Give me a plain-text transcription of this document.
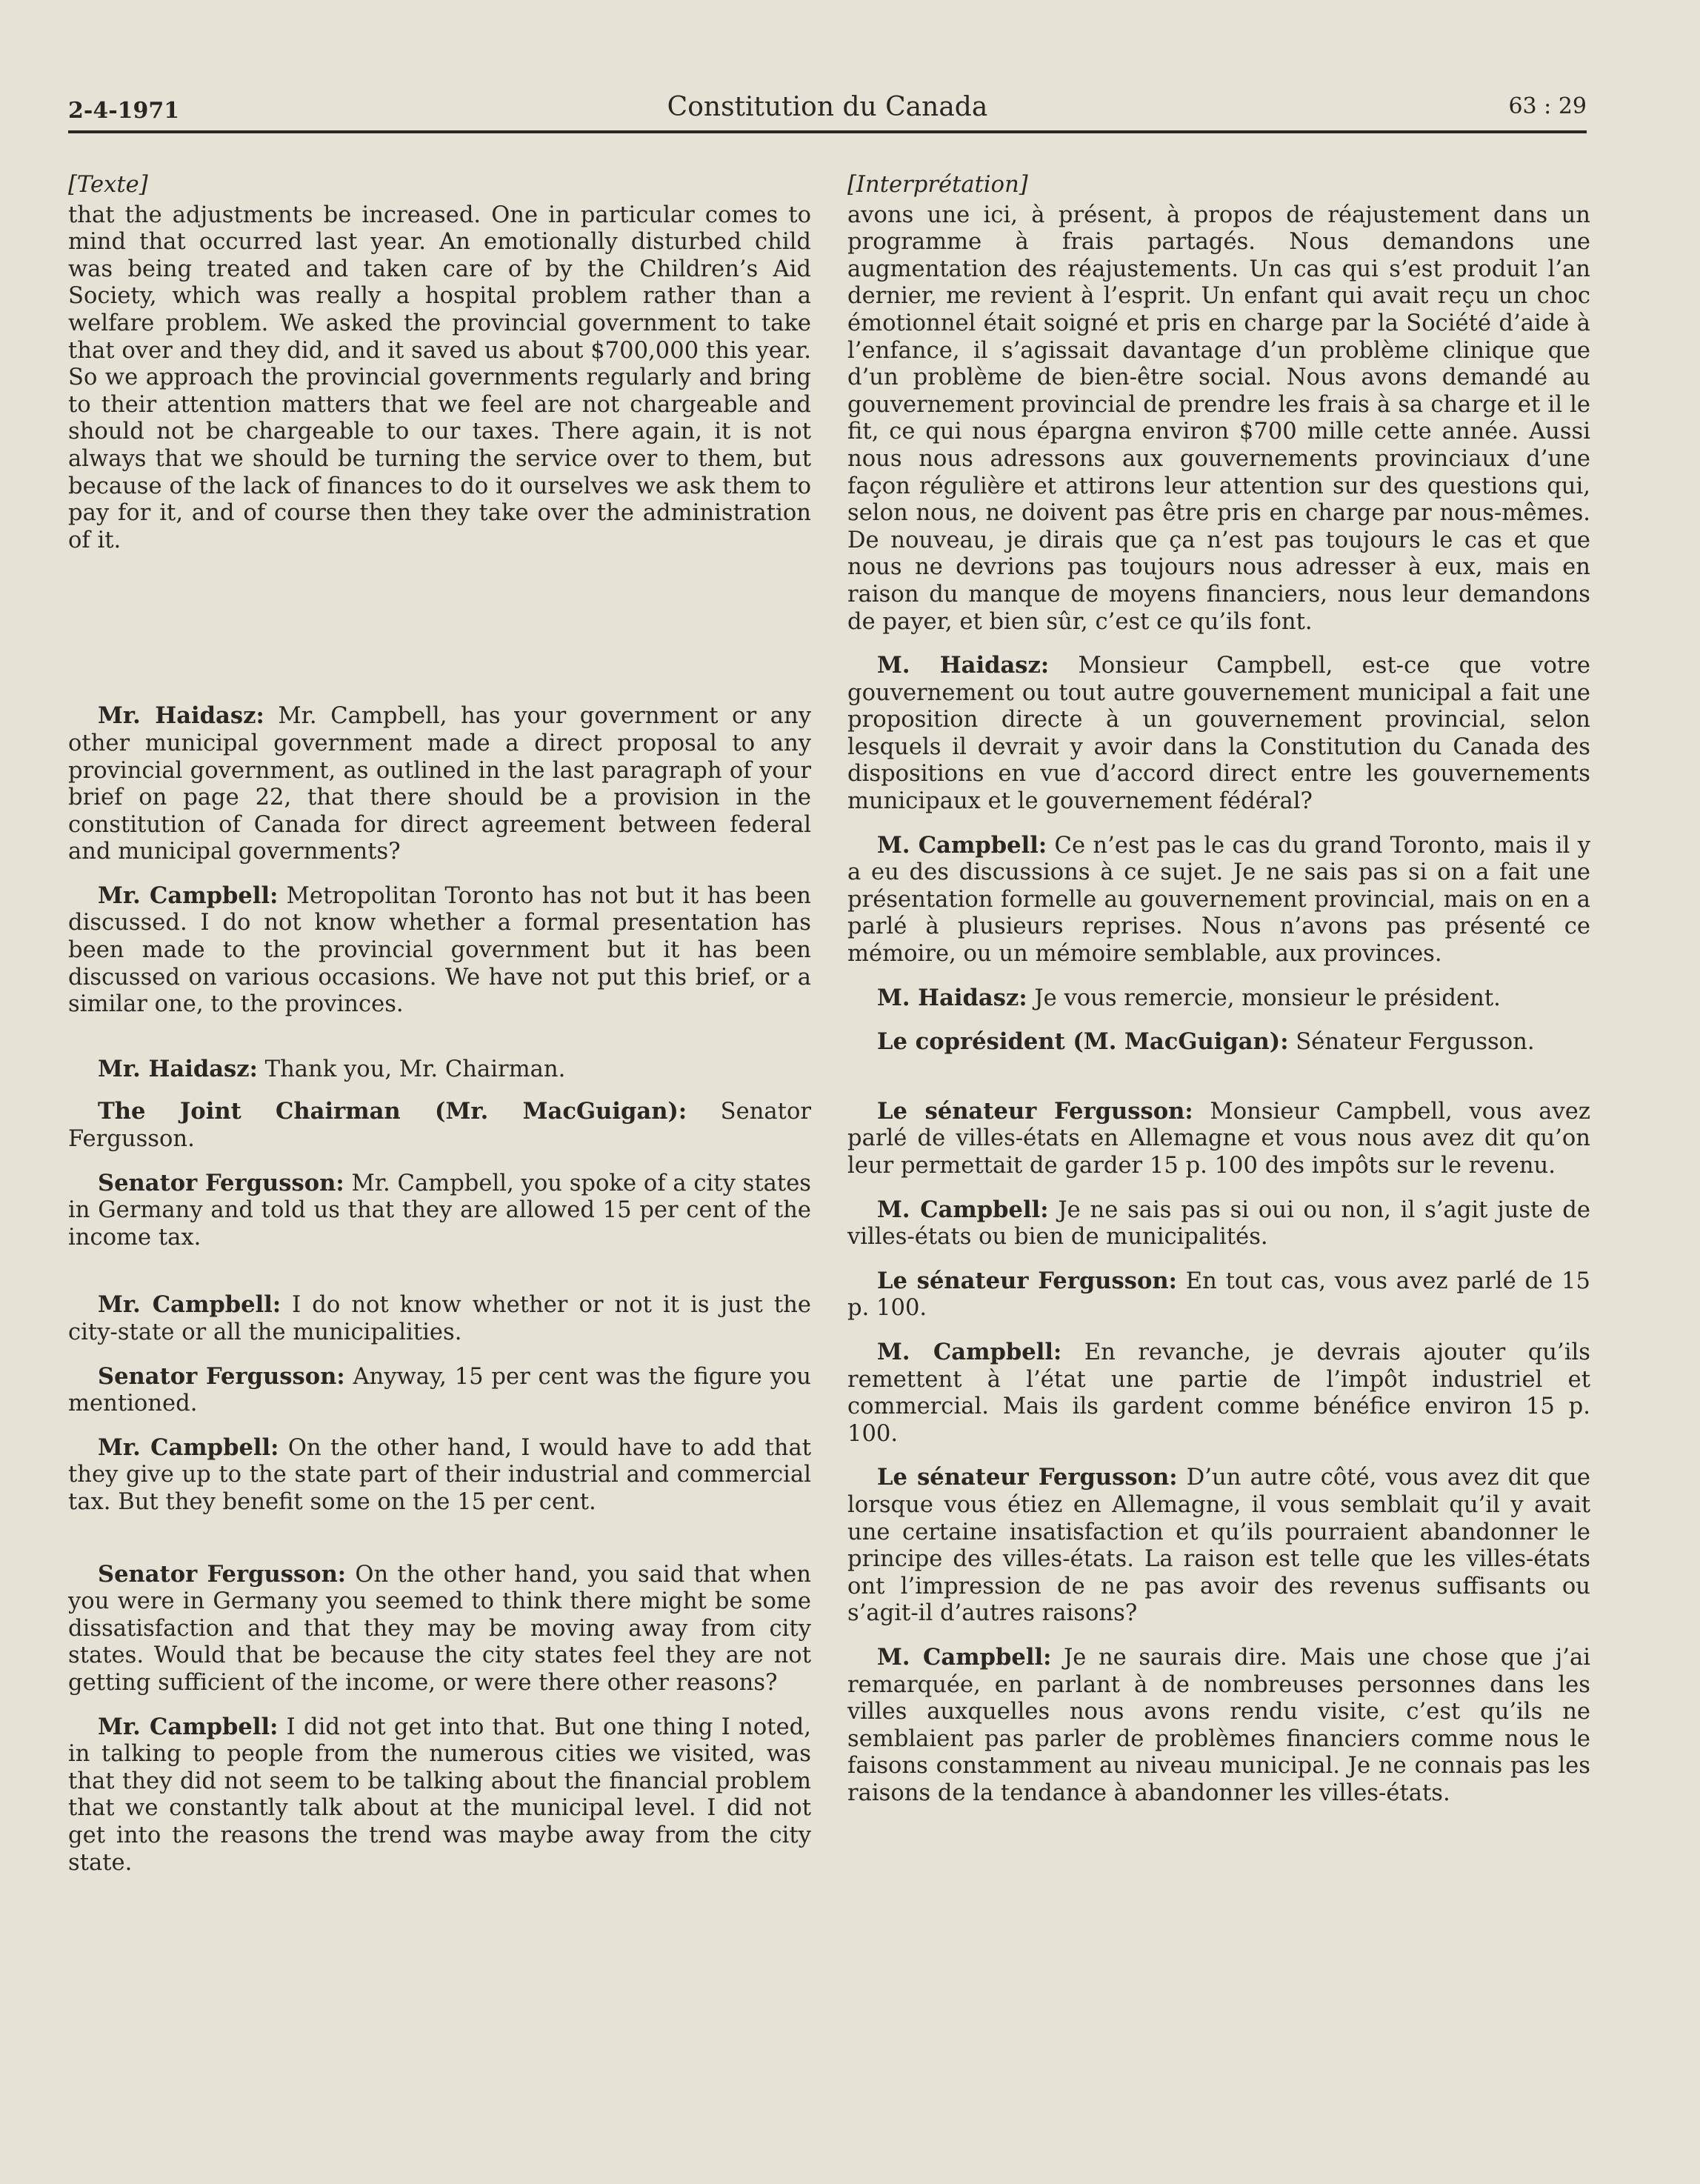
2-4-1971	Constitution du Canada	63 : 29
[Texte]

that the adjustments be increased. One in particular comes to mind that occurred last year. An emotionally disturbed child was being treated and taken care of by the Children’s Aid Society, which was really a hospital problem rather than a welfare problem. We asked the provincial government to take that over and they did, and it saved us about $700,000 this year. So we approach the provincial governments regularly and bring to their attention matters that we feel are not chargeable and should not be chargeable to our taxes. There again, it is not always that we should be turning the service over to them, but because of the lack of finances to do it ourselves we ask them to pay for it, and of course then they take over the administration of it.

Mr. Haidasz: Mr. Campbell, has your government or any other municipal government made a direct proposal to any provincial government, as outlined in the last paragraph of your brief on page 22, that there should be a provision in the constitution of Canada for direct agreement between federal and municipal governments?

Mr. Campbell: Metropolitan Toronto has not but it has been discussed. I do not know whether a formal presentation has been made to the provincial government but it has been discussed on various occasions. We have not put this brief, or a similar one, to the provinces.

Mr. Haidasz: Thank you, Mr. Chairman.

The Joint Chairman (Mr. MacGuigan): Senator Fergusson.

Senator Fergusson: Mr. Campbell, you spoke of a city states in Germany and told us that they are allowed 15 per cent of the income tax.

Mr. Campbell: I do not know whether or not it is just the city-state or all the municipalities.

Senator Fergusson: Anyway, 15 per cent was the figure you mentioned.

Mr. Campbell: On the other hand, I would have to add that they give up to the state part of their industrial and commercial tax. But they benefit some on the 15 per cent.

Senator Fergusson: On the other hand, you said that when you were in Germany you seemed to think there might be some dissatisfaction and that they may be moving away from city states. Would that be because the city states feel they are not getting sufficient of the income, or were there other reasons?

Mr. Campbell: I did not get into that. But one thing I noted, in talking to people from the numerous cities we visited, was that they did not seem to be talking about the financial problem that we constantly talk about at the municipal level. I did not get into the reasons the trend was maybe away from the city state.

[Interprétation]

avons une ici, à présent, à propos de réajustement dans un programme à frais partagés. Nous demandons une augmentation des réajustements. Un cas qui s’est produit l’an dernier, me revient à l’esprit. Un enfant qui avait reçu un choc émotionnel était soigné et pris en charge par la Société d’aide à l’enfance, il s’agissait davantage d’un problème clinique que d’un problème de bien-être social. Nous avons demandé au gouvernement provincial de prendre les frais à sa charge et il le fit, ce qui nous épargna environ $700 mille cette année. Aussi nous nous adressons aux gouvernements provinciaux d’une façon régulière et attirons leur attention sur des questions qui, selon nous, ne doivent pas être pris en charge par nous-mêmes. De nouveau, je dirais que ça n’est pas toujours le cas et que nous ne devrions pas toujours nous adresser à eux, mais en raison du manque de moyens financiers, nous leur demandons de payer, et bien sûr, c’est ce qu’ils font.

M. Haidasz: Monsieur Campbell, est-ce que votre gouvernement ou tout autre gouvernement municipal a fait une proposition directe à un gouvernement provincial, selon lesquels il devrait y avoir dans la Constitution du Canada des dispositions en vue d’accord direct entre les gouvernements municipaux et le gouvernement fédéral?

M. Campbell: Ce n’est pas le cas du grand Toronto, mais il y a eu des discussions à ce sujet. Je ne sais pas si on a fait une présentation formelle au gouvernement provincial, mais on en a parlé à plusieurs reprises. Nous n’avons pas présenté ce mémoire, ou un mémoire semblable, aux provinces.

M. Haidasz: Je vous remercie, monsieur le président.

Le coprésident (M. MacGuigan): Sénateur Fergusson.

Le sénateur Fergusson: Monsieur Campbell, vous avez parlé de villes-états en Allemagne et vous nous avez dit qu’on leur permettait de garder 15 p. 100 des impôts sur le revenu.

M. Campbell: Je ne sais pas si oui ou non, il s’agit juste de villes-états ou bien de municipalités.

Le sénateur Fergusson: En tout cas, vous avez parlé de 15 p. 100.

M. Campbell: En revanche, je devrais ajouter qu’ils remettent à l’état une partie de l’impôt industriel et commercial. Mais ils gardent comme bénéfice environ 15 p. 100.

Le sénateur Fergusson: D’un autre côté, vous avez dit que lorsque vous étiez en Allemagne, il vous semblait qu’il y avait une certaine insatisfaction et qu’ils pourraient abandonner le principe des villes-états. La raison est telle que les villes-états ont l’impression de ne pas avoir des revenus suffisants ou s’agit-il d’autres raisons?

M. Campbell: Je ne saurais dire. Mais une chose que j’ai remarquée, en parlant à de nombreuses personnes dans les villes auxquelles nous avons rendu visite, c’est qu’ils ne semblaient pas parler de problèmes financiers comme nous le faisons constamment au niveau municipal. Je ne connais pas les raisons de la tendance à abandonner les villes-états.
